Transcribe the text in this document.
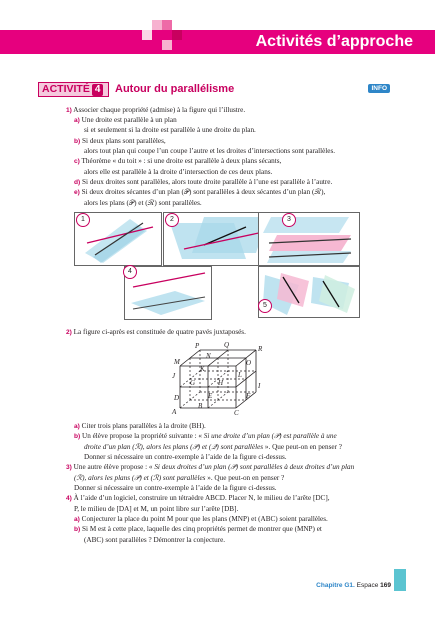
Activités d’approche
ACTIVITÉ 4	Autour du parallélisme	INFO
1) Associer chaque propriété (admise) à la figure qui l’illustre.
a) Une droite est parallèle à un plan
si et seulement si la droite est parallèle à une droite du plan.
b) Si deux plans sont parallèles,
alors tout plan qui coupe l’un coupe l’autre et les droites d’intersections sont parallèles.
c) Théorème « du toit » : si une droite est parallèle à deux plans sécants,
alors elle est parallèle à la droite d’intersection de ces deux plans.
d) Si deux droites sont parallèles, alors toute droite parallèle à l’une est parallèle à l’autre.
e) Si deux droites sécantes d’un plan (𝒫) sont parallèles à deux sécantes d’un plan (ℛ),
alors les plans (𝒫) et (ℛ) sont parallèles.
1	2	3
4
5
2) La figure ci-après est constituée de quatre pavés juxtaposés.
P	Q	R
M
N
O
J
K
L
G	H	I
D	E	F
A
B
C
a) Citer trois plans parallèles à la droite (BH).
b) Un élève propose la propriété suivante : « Si une droite d’un plan (𝒫) est parallèle à une
droite d’un plan (ℛ), alors les plans (𝒫) et (𝒬) sont parallèles ». Que peut-on en penser ?
Donner si nécessaire un contre-exemple à l’aide de la figure ci-dessus.
3) Une autre élève propose : « Si deux droites d’un plan (𝒫) sont parallèles à deux droites d’un plan
(ℛ), alors les plans (𝒫) et (ℛ) sont parallèles ». Que peut-on en penser ?
Donner si nécessaire un contre-exemple à l’aide de la figure ci-dessus.
4) À l’aide d’un logiciel, construire un tétraèdre ABCD. Placer N, le milieu de l’arête [DC],
P, le milieu de [DA] et M, un point libre sur l’arête [DB].
a) Conjecturer la place du point M pour que les plans (MNP) et (ABC) soient parallèles.
b) Si M est à cette place, laquelle des cinq propriétés permet de montrer que (MNP) et
(ABC) sont parallèles ? Démontrer la conjecture.
Chapitre G1. Espace 169
